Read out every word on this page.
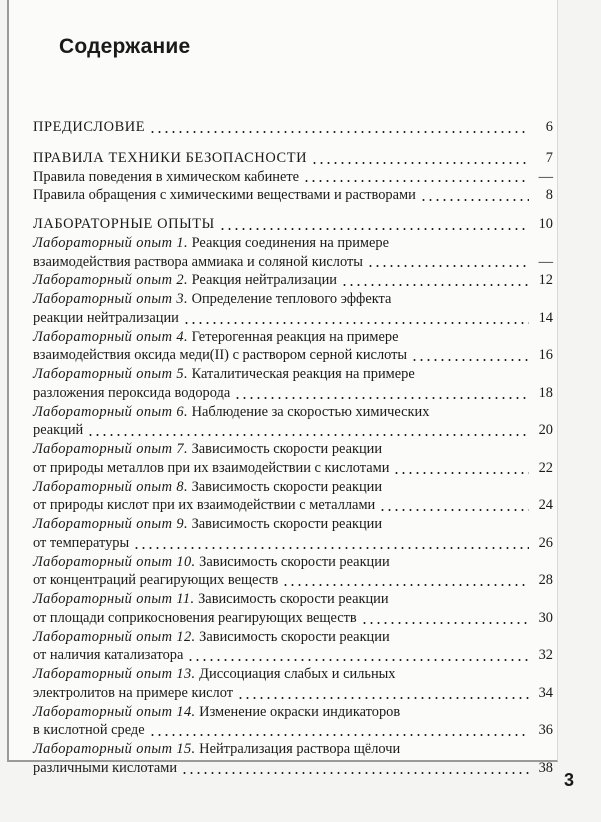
Содержание
ПРЕДИСЛОВИЕ	6
ПРАВИЛА ТЕХНИКИ БЕЗОПАСНОСТИ	7
Правила поведения в химическом кабинете	—
Правила обращения с химическими веществами и растворами	8
ЛАБОРАТОРНЫЕ ОПЫТЫ	10
Лабораторный опыт 1. Реакция соединения на примере
взаимодействия раствора аммиака и соляной кислоты	—
Лабораторный опыт 2. Реакция нейтрализации	12
Лабораторный опыт 3. Определение теплового эффекта
реакции нейтрализации	14
Лабораторный опыт 4. Гетерогенная реакция на примере
взаимодействия оксида меди(II) с раствором серной кислоты	16
Лабораторный опыт 5. Каталитическая реакция на примере
разложения пероксида водорода	18
Лабораторный опыт 6. Наблюдение за скоростью химических
реакций	20
Лабораторный опыт 7. Зависимость скорости реакции
от природы металлов при их взаимодействии с кислотами	22
Лабораторный опыт 8. Зависимость скорости реакции
от природы кислот при их взаимодействии с металлами	24
Лабораторный опыт 9. Зависимость скорости реакции
от температуры	26
Лабораторный опыт 10. Зависимость скорости реакции
от концентраций реагирующих веществ	28
Лабораторный опыт 11. Зависимость скорости реакции
от площади соприкосновения реагирующих веществ	30
Лабораторный опыт 12. Зависимость скорости реакции
от наличия катализатора	32
Лабораторный опыт 13. Диссоциация слабых и сильных
электролитов на примере кислот	34
Лабораторный опыт 14. Изменение окраски индикаторов
в кислотной среде	36
Лабораторный опыт 15. Нейтрализация раствора щёлочи
различными кислотами	38
3
